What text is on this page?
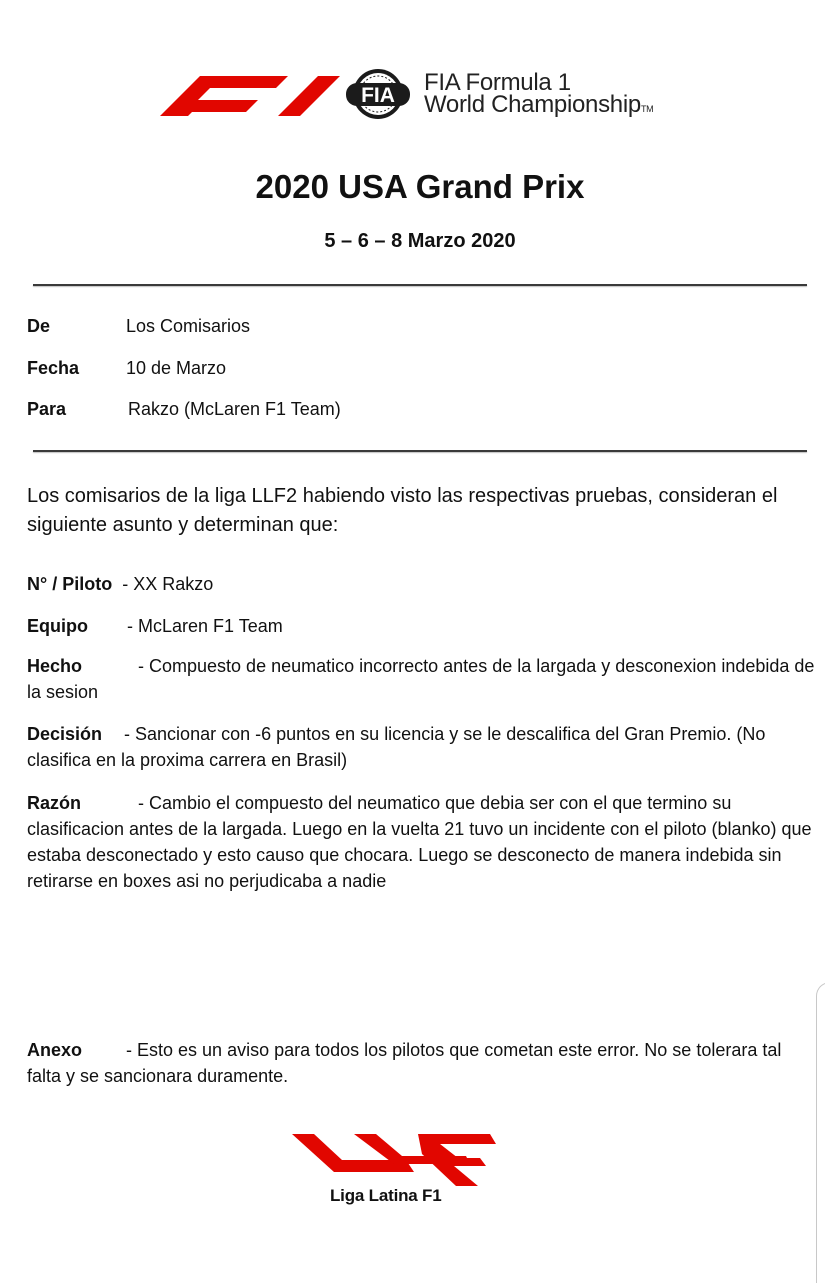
FIA FIA Formula 1
World ChampionshipTM
2020 USA Grand Prix
5 – 6 – 8 Marzo 2020
De	Los Comisarios
Fecha	10 de Marzo
Para	Rakzo (McLaren F1 Team)
Los comisarios de la liga LLF2 habiendo visto las respectivas pruebas, consideran el siguiente asunto y determinan que:
N° / Piloto - XX Rakzo
Equipo - McLaren F1 Team
Hecho	- Compuesto de neumatico incorrecto antes de la largada y desconexion indebida de la sesion
Decisión - Sancionar con -6 puntos en su licencia y se le descalifica del Gran Premio. (No clasifica en la proxima carrera en Brasil)
Razón	- Cambio el compuesto del neumatico que debia ser con el que termino su clasificacion antes de la largada. Luego en la vuelta 21 tuvo un incidente con el piloto (blanko) que estaba desconectado y esto causo que chocara. Luego se desconecto de manera indebida sin retirarse en boxes asi no perjudicaba a nadie
Anexo - Esto es un aviso para todos los pilotos que cometan este error. No se tolerara tal falta y se sancionara duramente.
Liga Latina F1
